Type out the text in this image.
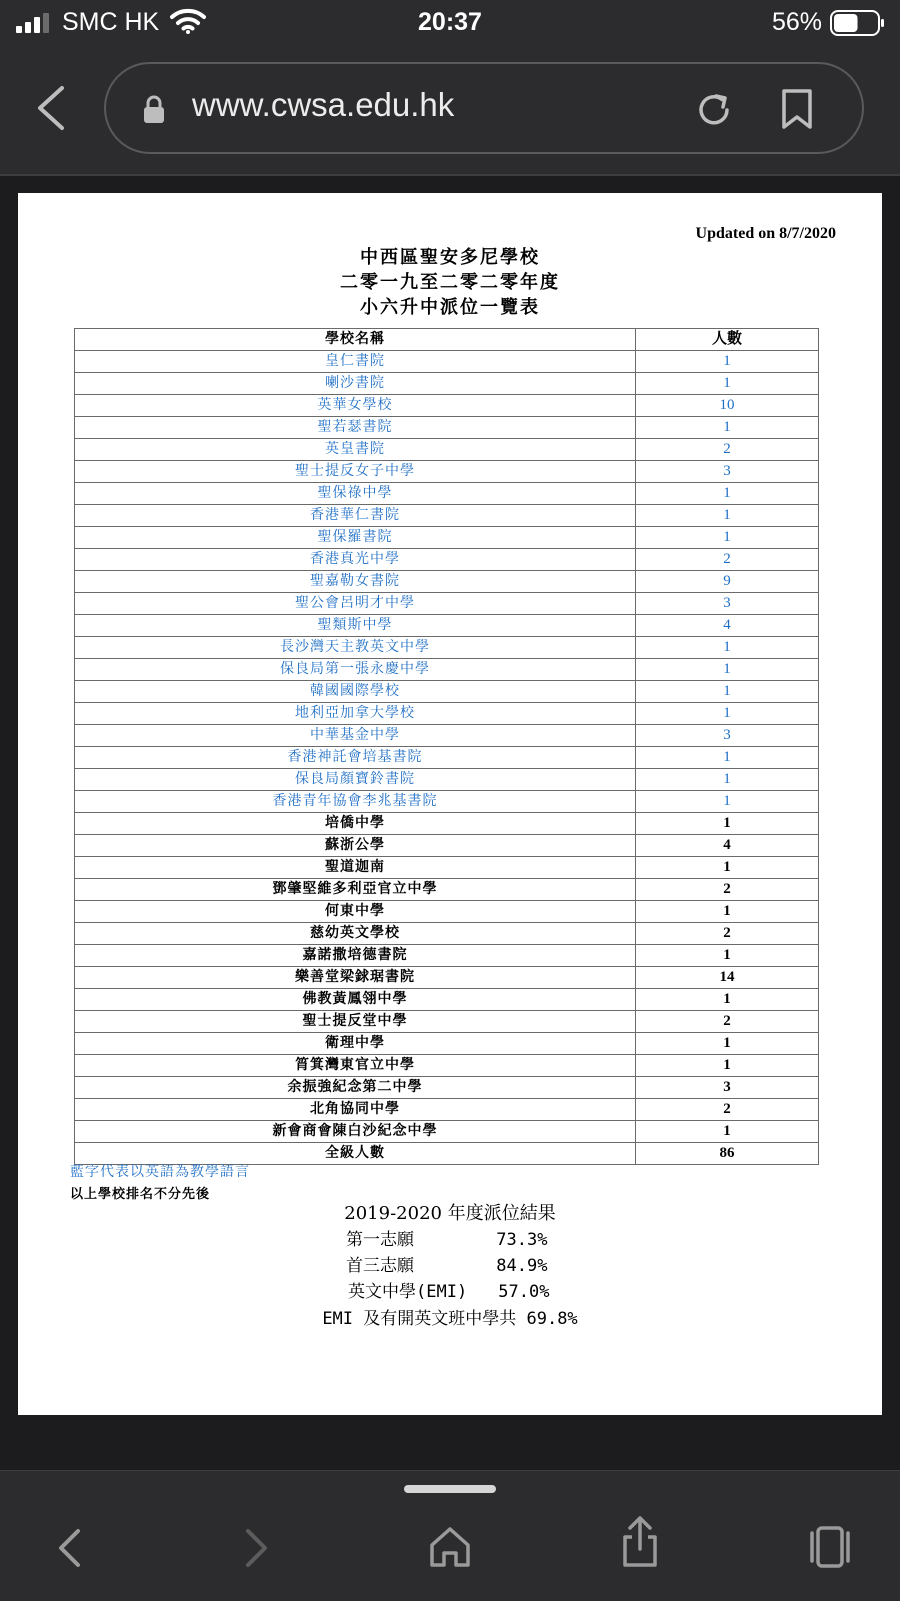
SMC HK	20:37	56%
www.cwsa.edu.hk
Updated on 8/7/2020
中西區聖安多尼學校
二零一九至二零二零年度
小六升中派位一覽表
學校名稱	人數
皇仁書院	1
喇沙書院	1
英華女學校	10
聖若瑟書院	1
英皇書院	2
聖士提反女子中學	3
聖保祿中學	1
香港華仁書院	1
聖保羅書院	1
香港真光中學	2
聖嘉勒女書院	9
聖公會呂明才中學	3
聖類斯中學	4
長沙灣天主教英文中學	1
保良局第一張永慶中學	1
韓國國際學校	1
地利亞加拿大學校	1
中華基金中學	3
香港神託會培基書院	1
保良局顏寶鈴書院	1
香港青年協會李兆基書院	1
培僑中學	1
蘇浙公學	4
聖道迦南	1
鄧肇堅維多利亞官立中學	2
何東中學	1
慈幼英文學校	2
嘉諾撒培德書院	1
樂善堂梁銶琚書院	14
佛教黃鳳翎中學	1
聖士提反堂中學	2
衛理中學	1
筲箕灣東官立中學	1
余振強紀念第二中學	3
北角協同中學	2
新會商會陳白沙紀念中學	1
全級人數	86
藍字代表以英語為教學語言
以上學校排名不分先後
2019-2020 年度派位結果
第一志願	73.3%
首三志願	84.9%
英文中學(EMI) 57.0%
EMI 及有開英文班中學共 69.8%
